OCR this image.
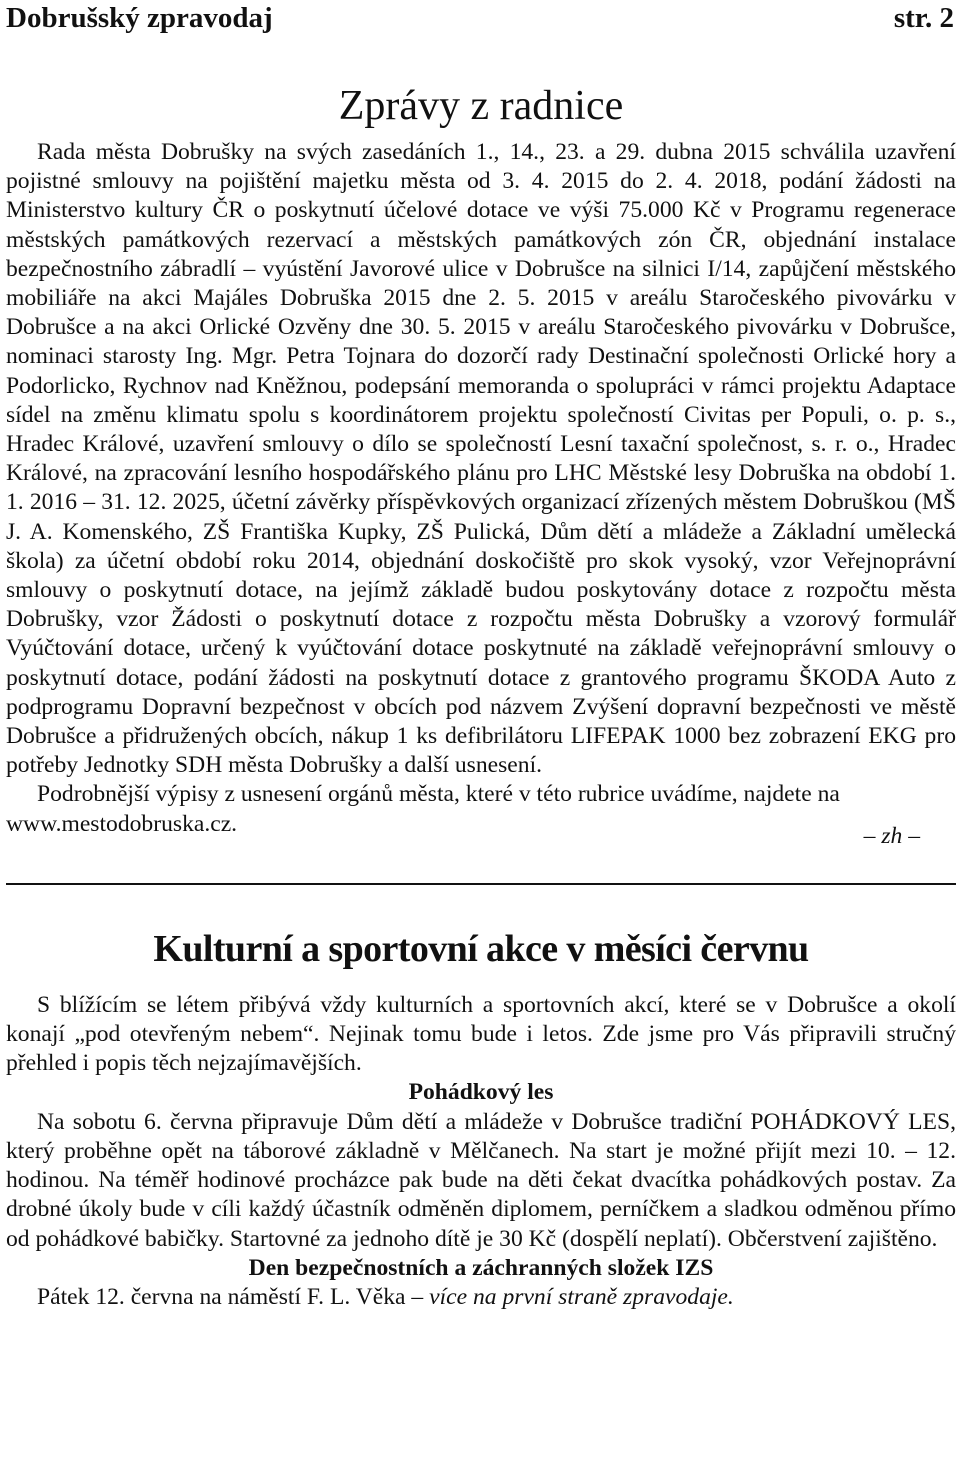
Dobrušský zpravodaj	str. 2
Zprávy z radnice

Rada města Dobrušky na svých zasedáních 1., 14., 23. a 29. dubna 2015 schválila uzavření pojistné smlouvy na pojištění majetku města od 3. 4. 2015 do 2. 4. 2018, podání žádosti na Ministerstvo kultury ČR o poskytnutí účelové dotace ve výši 75.000 Kč v Programu regenerace městských památkových rezervací a městských památkových zón ČR, objednání instalace bezpečnostního zábradlí – vyústění Javorové ulice v Dobrušce na silnici I/14, zapůjčení městského mobiliáře na akci Majáles Dobruška 2015 dne 2. 5. 2015 v areálu Staročeského pivovárku v Dobrušce a na akci Orlické Ozvěny dne 30. 5. 2015 v areálu Staročeského pivovárku v Dobrušce, nominaci starosty Ing. Mgr. Petra Tojnara do dozorčí rady Destinační společnosti Orlické hory a Podorlicko, Rychnov nad Kněžnou, podepsání memoranda o spolupráci v rámci projektu Adaptace sídel na změnu klimatu spolu s koordinátorem projektu společností Civitas per Populi, o. p. s., Hradec Králové, uzavření smlouvy o dílo se společností Lesní taxační společnost, s. r. o., Hradec Králové, na zpracování lesního hospodářského plánu pro LHC Městské lesy Dobruška na období 1. 1. 2016 – 31. 12. 2025, účetní závěrky příspěvkových organizací zřízených městem Dobruškou (MŠ J. A. Komenského, ZŠ Františka Kupky, ZŠ Pulická, Dům dětí a mládeže a Základní umělecká škola) za účetní období roku 2014, objednání doskočiště pro skok vysoký, vzor Veřejnoprávní smlouvy o poskytnutí dotace, na jejímž základě budou poskytovány dotace z rozpočtu města Dobrušky, vzor Žádosti o poskytnutí dotace z rozpočtu města Dobrušky a vzorový formulář Vyúčtování dotace, určený k vyúčtování dotace poskytnuté na základě veřejnoprávní smlouvy o poskytnutí dotace, podání žádosti na poskytnutí dotace z grantového programu ŠKODA Auto z podprogramu Dopravní bezpečnost v obcích pod názvem Zvýšení dopravní bezpečnosti ve městě Dobrušce a přidružených obcích, nákup 1 ks defibrilátoru LIFEPAK 1000 bez zobrazení EKG pro potřeby Jednotky SDH města Dobrušky a další usnesení.

Podrobnější výpisy z usnesení orgánů města, které v této rubrice uvádíme, najdete na www.mestodobruska.cz.	– zh –
Kulturní a sportovní akce v měsíci červnu

S blížícím se létem přibývá vždy kulturních a sportovních akcí, které se v Dobrušce a okolí konají „pod otevřeným nebem“. Nejinak tomu bude i letos. Zde jsme pro Vás připravili stručný přehled i popis těch nejzajímavějších.

Pohádkový les

Na sobotu 6. června připravuje Dům dětí a mládeže v Dobrušce tradiční POHÁDKOVÝ LES, který proběhne opět na táborové základně v Mělčanech. Na start je možné přijít mezi 10. – 12. hodinou. Na téměř hodinové procházce pak bude na děti čekat dvacítka pohádkových postav. Za drobné úkoly bude v cíli každý účastník odměněn diplomem, perníčkem a sladkou odměnou přímo od pohádkové babičky. Startovné za jednoho dítě je 30 Kč (dospělí neplatí). Občerstvení zajištěno.

Den bezpečnostních a záchranných složek IZS

Pátek 12. června na náměstí F. L. Věka – více na první straně zpravodaje.
